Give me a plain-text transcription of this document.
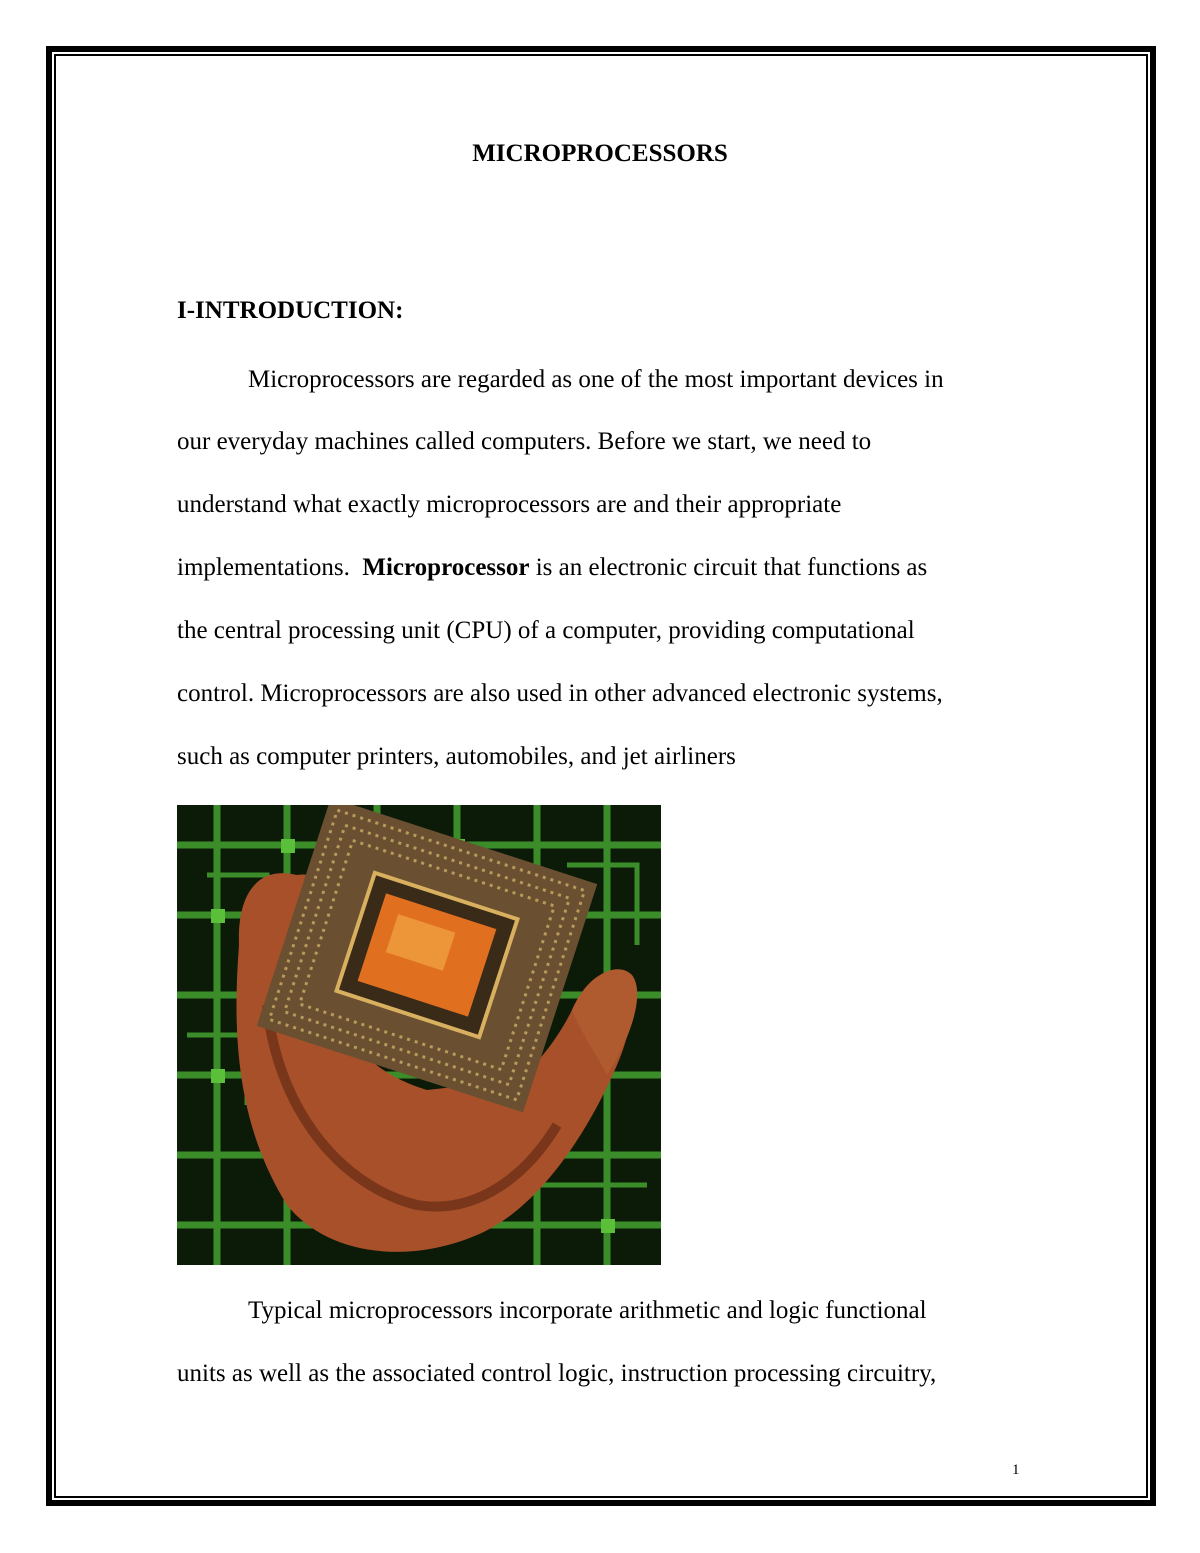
MICROPROCESSORS
I-INTRODUCTION:
Microprocessors are regarded as one of the most important devices in
our everyday machines called computers. Before we start, we need to
understand what exactly microprocessors are and their appropriate
implementations.  Microprocessor is an electronic circuit that functions as
the central processing unit (CPU) of a computer, providing computational
control. Microprocessors are also used in other advanced electronic systems,
such as computer printers, automobiles, and jet airliners
Typical microprocessors incorporate arithmetic and logic functional
units as well as the associated control logic, instruction processing circuitry,
1
